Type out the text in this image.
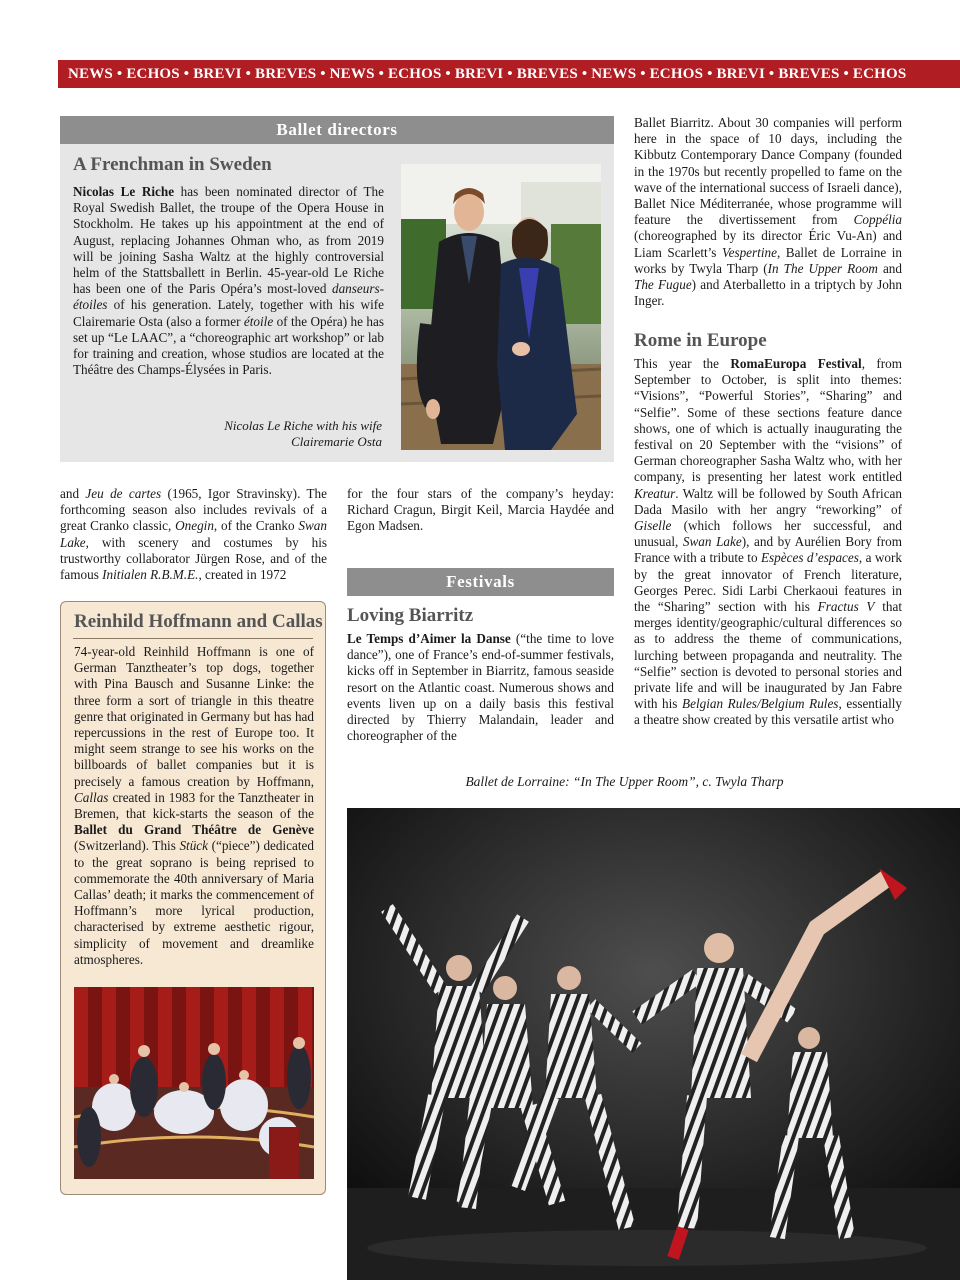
NEWS • ECHOS • BREVI • BREVES • NEWS • ECHOS • BREVI • BREVES • NEWS • ECHOS • BREVI • BREVES • ECHOS
Ballet directors
A Frenchman in Sweden
Nicolas Le Riche has been nominated director of The Royal Swedish Ballet, the troupe of the Opera House in Stockholm. He takes up his appointment at the end of August, replacing Johannes Ohman who, as from 2019 will be joining Sasha Waltz at the highly controversial helm of the Stattsballett in Berlin. 45-year-old Le Riche has been one of the Paris Opéra’s most-loved danseurs-étoiles of his generation. Lately, together with his wife Clairemarie Osta (also a former étoile of the Opéra) he has set up “Le LAAC”, a “choreographic art workshop” or lab for training and creation, whose studios are located at the Théâtre des Champs-Élysées in Paris.
Nicolas Le Riche with his wife
Clairemarie Osta
and Jeu de cartes (1965, Igor Stravinsky). The forthcoming season also includes revivals of a great Cranko classic, Onegin, of the Cranko Swan Lake, with scenery and costumes by his trustworthy collaborator Jürgen Rose, and of the famous Initialen R.B.M.E., created in 1972
for the four stars of the company’s heyday: Richard Cragun, Birgit Keil, Marcia Haydée and Egon Madsen.
Festivals
Loving Biarritz
Le Temps d’Aimer la Danse (“the time to love dance”), one of France’s end-of-summer festivals, kicks off in September in Biarritz, famous seaside resort on the Atlantic coast. Numerous shows and events liven up on a daily basis this festival directed by Thierry Malandain, leader and choreographer of the
Ballet Biarritz. About 30 companies will perform here in the space of 10 days, including the Kibbutz Contemporary Dance Company (founded in the 1970s but recently propelled to fame on the wave of the international success of Israeli dance), Ballet Nice Méditerranée, whose programme will feature the divertissement from Coppélia (choreographed by its director Éric Vu-An) and Liam Scarlett’s Vespertine, Ballet de Lorraine in works by Twyla Tharp (In The Upper Room and The Fugue) and Aterballetto in a triptych by John Inger.
Rome in Europe
This year the RomaEuropa Festival, from September to October, is split into themes: “Visions”, “Powerful Stories”, “Sharing” and “Selfie”. Some of these sections feature dance shows, one of which is actually inaugurating the festival on 20 September with the “visions” of German choreographer Sasha Waltz who, with her company, is presenting her latest work entitled Kreatur. Waltz will be followed by South African Dada Masilo with her angry “reworking” of Giselle (which follows her successful, and unusual, Swan Lake), and by Aurélien Bory from France with a tribute to Espèces d’espaces, a work by the great innovator of French literature, Georges Perec. Sidi Larbi Cherkaoui features in the “Sharing” section with his Fractus V that merges identity/geographic/cultural differences so as to address the theme of communications, lurching between propaganda and neutrality. The “Selfie” section is devoted to personal stories and private life and will be inaugurated by Jan Fabre with his Belgian Rules/Belgium Rules, essentially a theatre show created by this versatile artist who
Reinhild Hoffmann and Callas
74-year-old Reinhild Hoffmann is one of German Tanztheater’s top dogs, together with Pina Bausch and Susanne Linke: the three form a sort of triangle in this theatre genre that originated in Germany but has had repercussions in the rest of Europe too. It might seem strange to see his works on the billboards of ballet companies but it is precisely a famous creation by Hoffmann, Callas created in 1983 for the Tanztheater in Bremen, that kick-starts the season of the Ballet du Grand Théâtre de Genève (Switzerland). This Stück (“piece”) dedicated to the great soprano is being reprised to commemorate the 40th anniversary of Maria Callas’ death; it marks the commencement of Hoffmann’s more lyrical production, characterised by extreme aesthetic rigour, simplicity of movement and dreamlike atmospheres.
Ballet de Lorraine: “In The Upper Room”, c. Twyla Tharp
